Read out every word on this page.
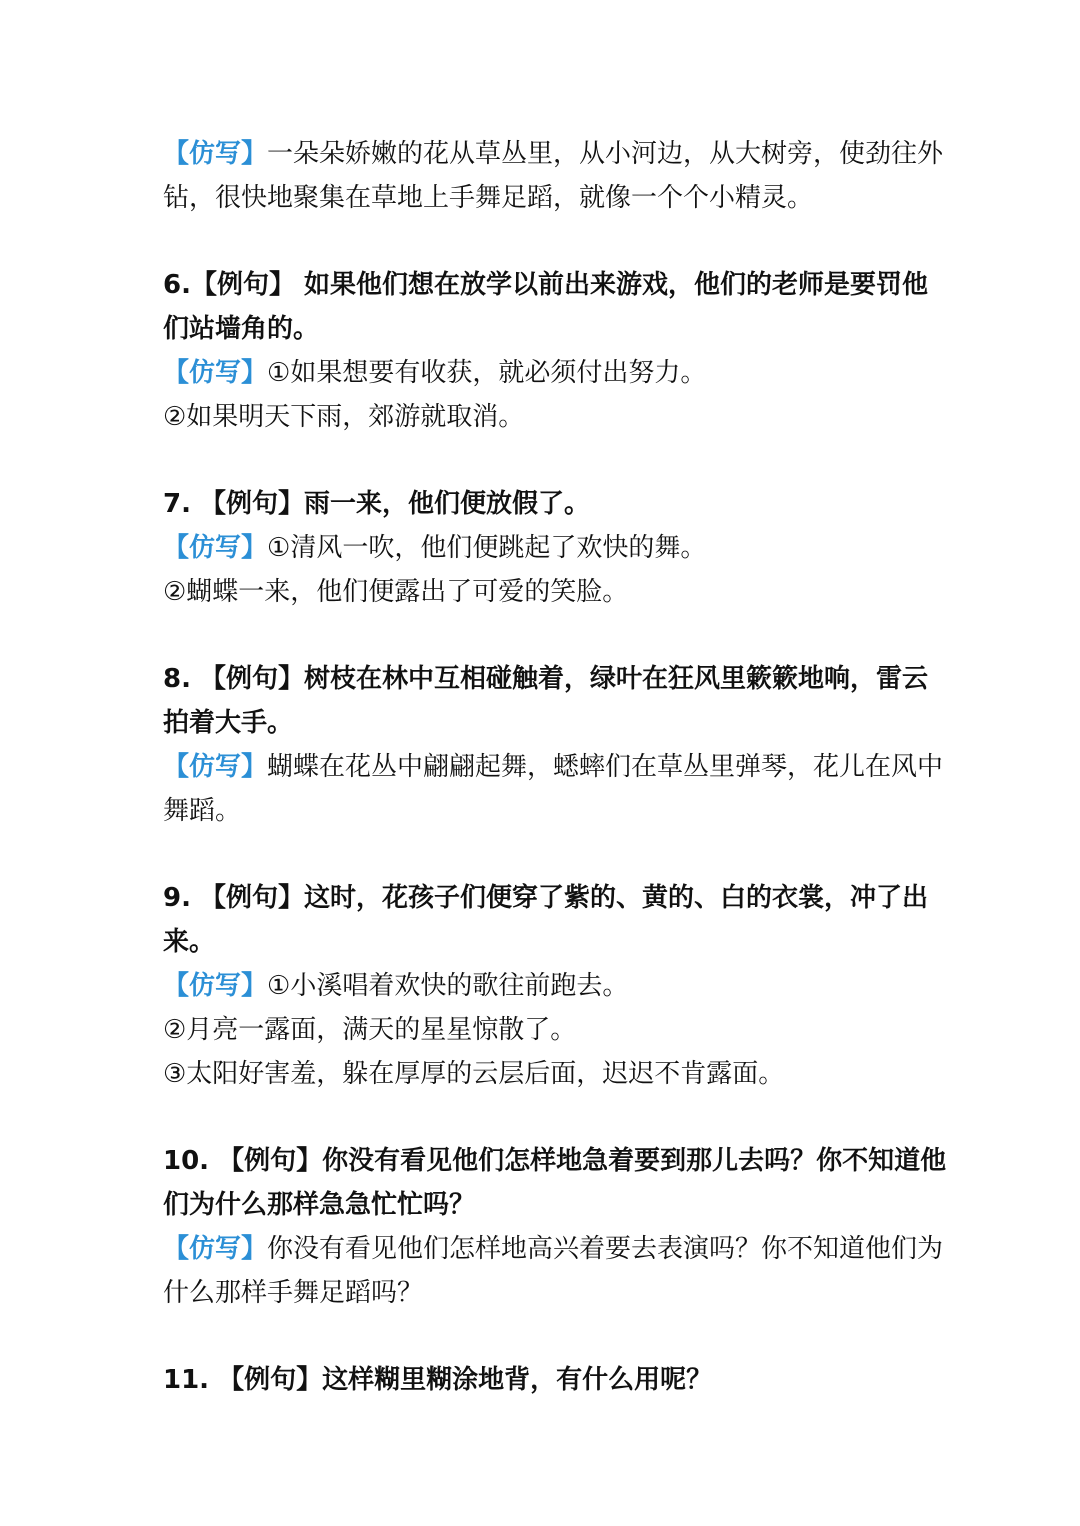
【仿写】一朵朵娇嫩的花从草丛里，从小河边，从大树旁，使劲往外

钻，很快地聚集在草地上手舞足蹈，就像一个个小精灵。

6.【例句】 如果他们想在放学以前出来游戏，他们的老师是要罚他

们站墙角的。

【仿写】①如果想要有收获，就必须付出努力。

②如果明天下雨，郊游就取消。

7. 【例句】雨一来，他们便放假了。

【仿写】①清风一吹，他们便跳起了欢快的舞。

②蝴蝶一来，他们便露出了可爱的笑脸。

8. 【例句】树枝在林中互相碰触着，绿叶在狂风里簌簌地响，雷云

拍着大手。

【仿写】蝴蝶在花丛中翩翩起舞，蟋蟀们在草丛里弹琴，花儿在风中

舞蹈。

9. 【例句】这时，花孩子们便穿了紫的、黄的、白的衣裳，冲了出

来。

【仿写】①小溪唱着欢快的歌往前跑去。

②月亮一露面，满天的星星惊散了。

③太阳好害羞，躲在厚厚的云层后面，迟迟不肯露面。

10. 【例句】你没有看见他们怎样地急着要到那儿去吗？你不知道他

们为什么那样急急忙忙吗？

【仿写】你没有看见他们怎样地高兴着要去表演吗？你不知道他们为

什么那样手舞足蹈吗？

11. 【例句】这样糊里糊涂地背，有什么用呢？
